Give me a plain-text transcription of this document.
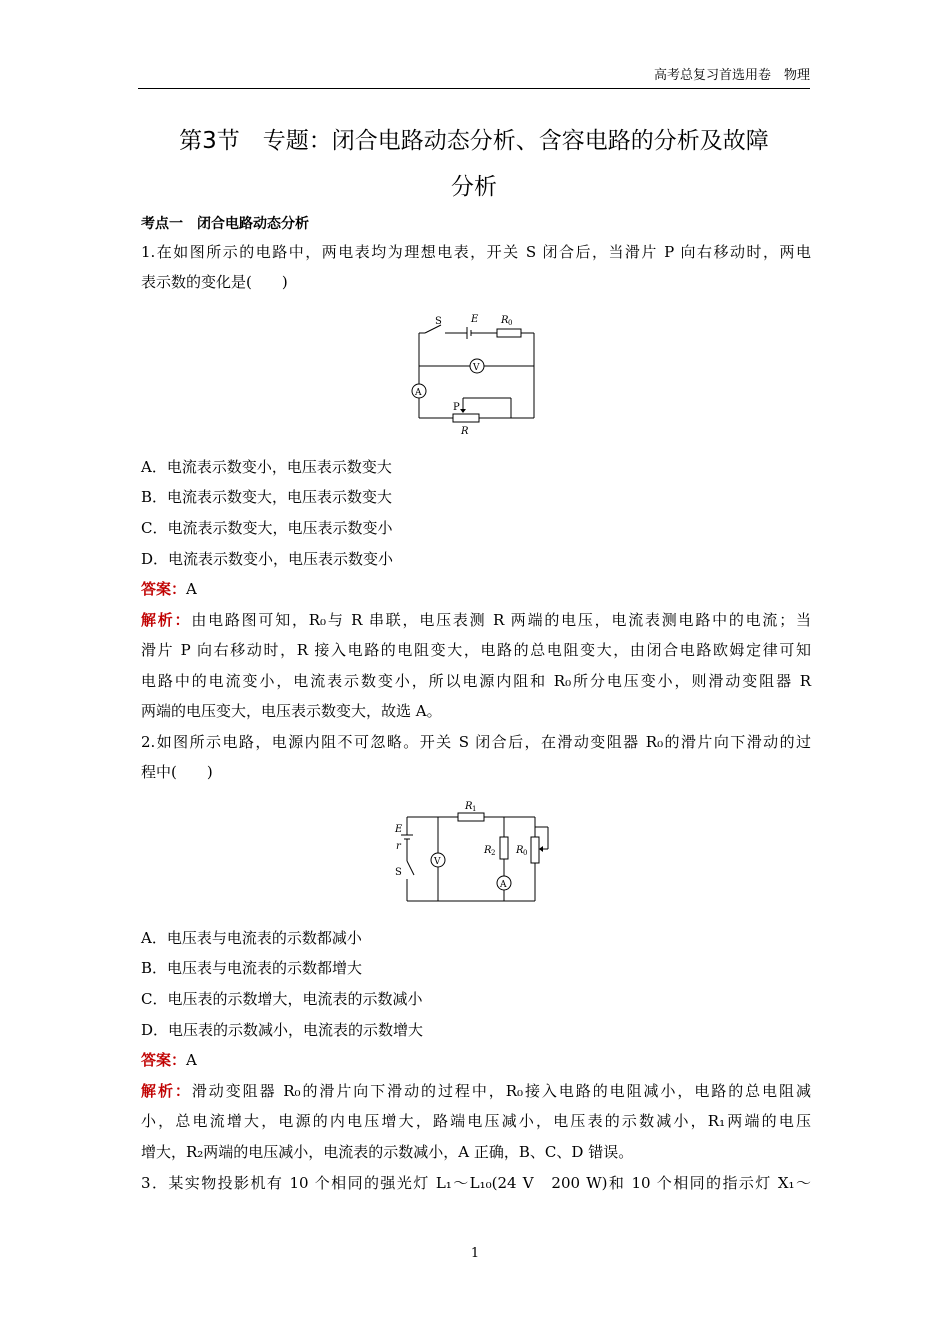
高考总复习首选用卷　物理
第3节　专题：闭合电路动态分析、含容电路的分析及故障
分析
考点一　闭合电路动态分析
1.在如图所示的电路中，两电表均为理想电表，开关 S 闭合后，当滑片 P 向右移动时，两电
表示数的变化是(　　)
S	E R 0
V
A
P
R
A．电流表示数变小，电压表示数变大
B．电流表示数变大，电压表示数变大
C．电流表示数变大，电压表示数变小
D．电流表示数变小，电压表示数变小
答案：A
解析：由电路图可知，R₀与 R 串联，电压表测 R 两端的电压，电流表测电路中的电流；当
滑片 P 向右移动时，R 接入电路的电阻变大，电路的总电阻变大，由闭合电路欧姆定律可知
电路中的电流变小，电流表示数变小，所以电源内阻和 R₀所分电压变小，则滑动变阻器 R
两端的电压变大，电压表示数变大，故选 A。
2.如图所示电路，电源内阻不可忽略。开关 S 闭合后，在滑动变阻器 R₀的滑片向下滑动的过
程中(　　)
E
r
S
V
R 1
R 2 R 0
A
A．电压表与电流表的示数都减小
B．电压表与电流表的示数都增大
C．电压表的示数增大，电流表的示数减小
D．电压表的示数减小，电流表的示数增大
答案：A
解析：滑动变阻器 R₀的滑片向下滑动的过程中，R₀接入电路的电阻减小，电路的总电阻减
小，总电流增大，电源的内电压增大，路端电压减小，电压表的示数减小，R₁两端的电压
增大，R₂两端的电压减小，电流表的示数减小，A 正确，B、C、D 错误。
3．某实物投影机有 10 个相同的强光灯 L₁～L₁₀(24 V　200 W)和 10 个相同的指示灯 X₁～
1
